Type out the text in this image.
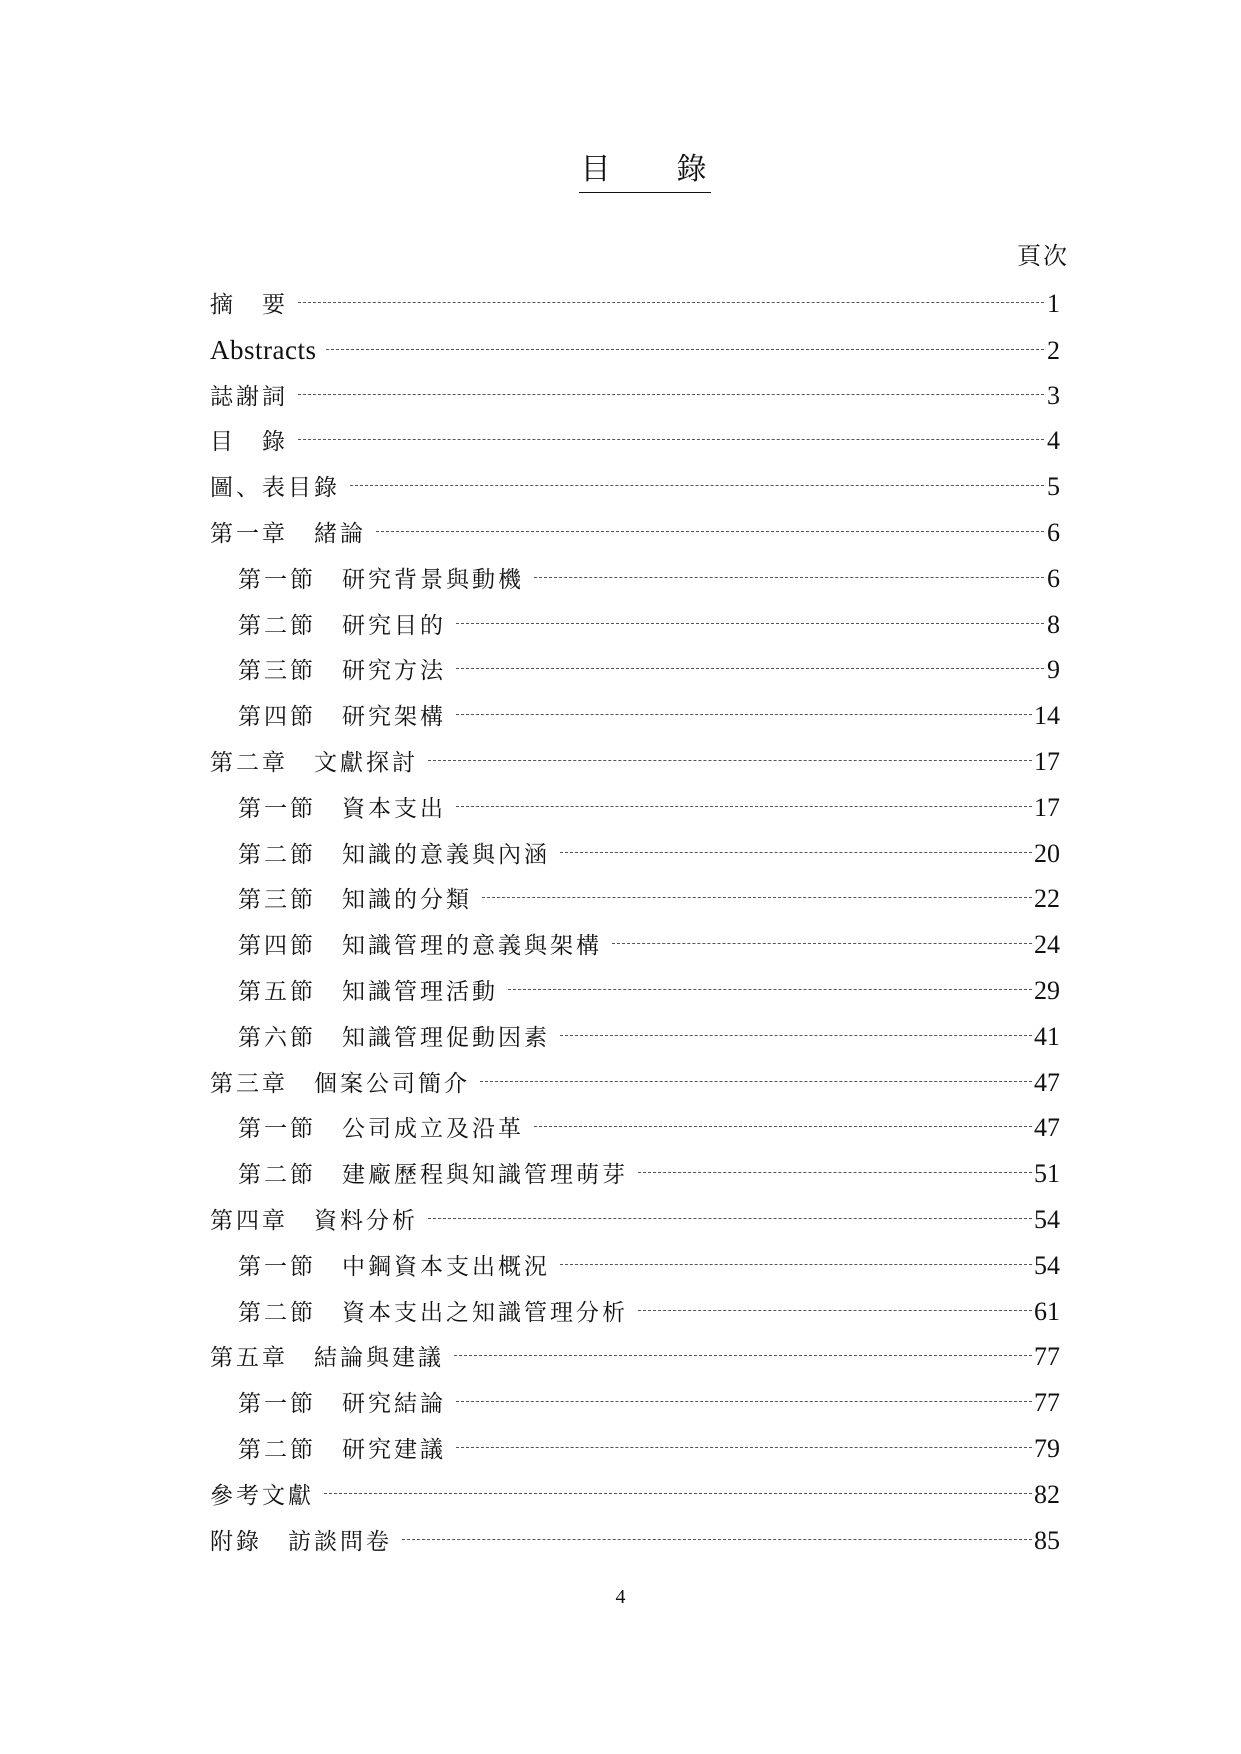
目　　錄
頁次
摘　要	1
Abstracts	2
誌謝詞	3
目　錄	4
圖、表目錄	5
第一章　緒論	6
第一節　研究背景與動機	6
第二節　研究目的	8
第三節　研究方法	9
第四節　研究架構	14
第二章　文獻探討	17
第一節　資本支出	17
第二節　知識的意義與內涵	20
第三節　知識的分類	22
第四節　知識管理的意義與架構	24
第五節　知識管理活動	29
第六節　知識管理促動因素	41
第三章　個案公司簡介	47
第一節　公司成立及沿革	47
第二節　建廠歷程與知識管理萌芽	51
第四章　資料分析	54
第一節　中鋼資本支出概況	54
第二節　資本支出之知識管理分析	61
第五章　結論與建議	77
第一節　研究結論	77
第二節　研究建議	79
參考文獻	82
附錄　訪談問卷	85
4
